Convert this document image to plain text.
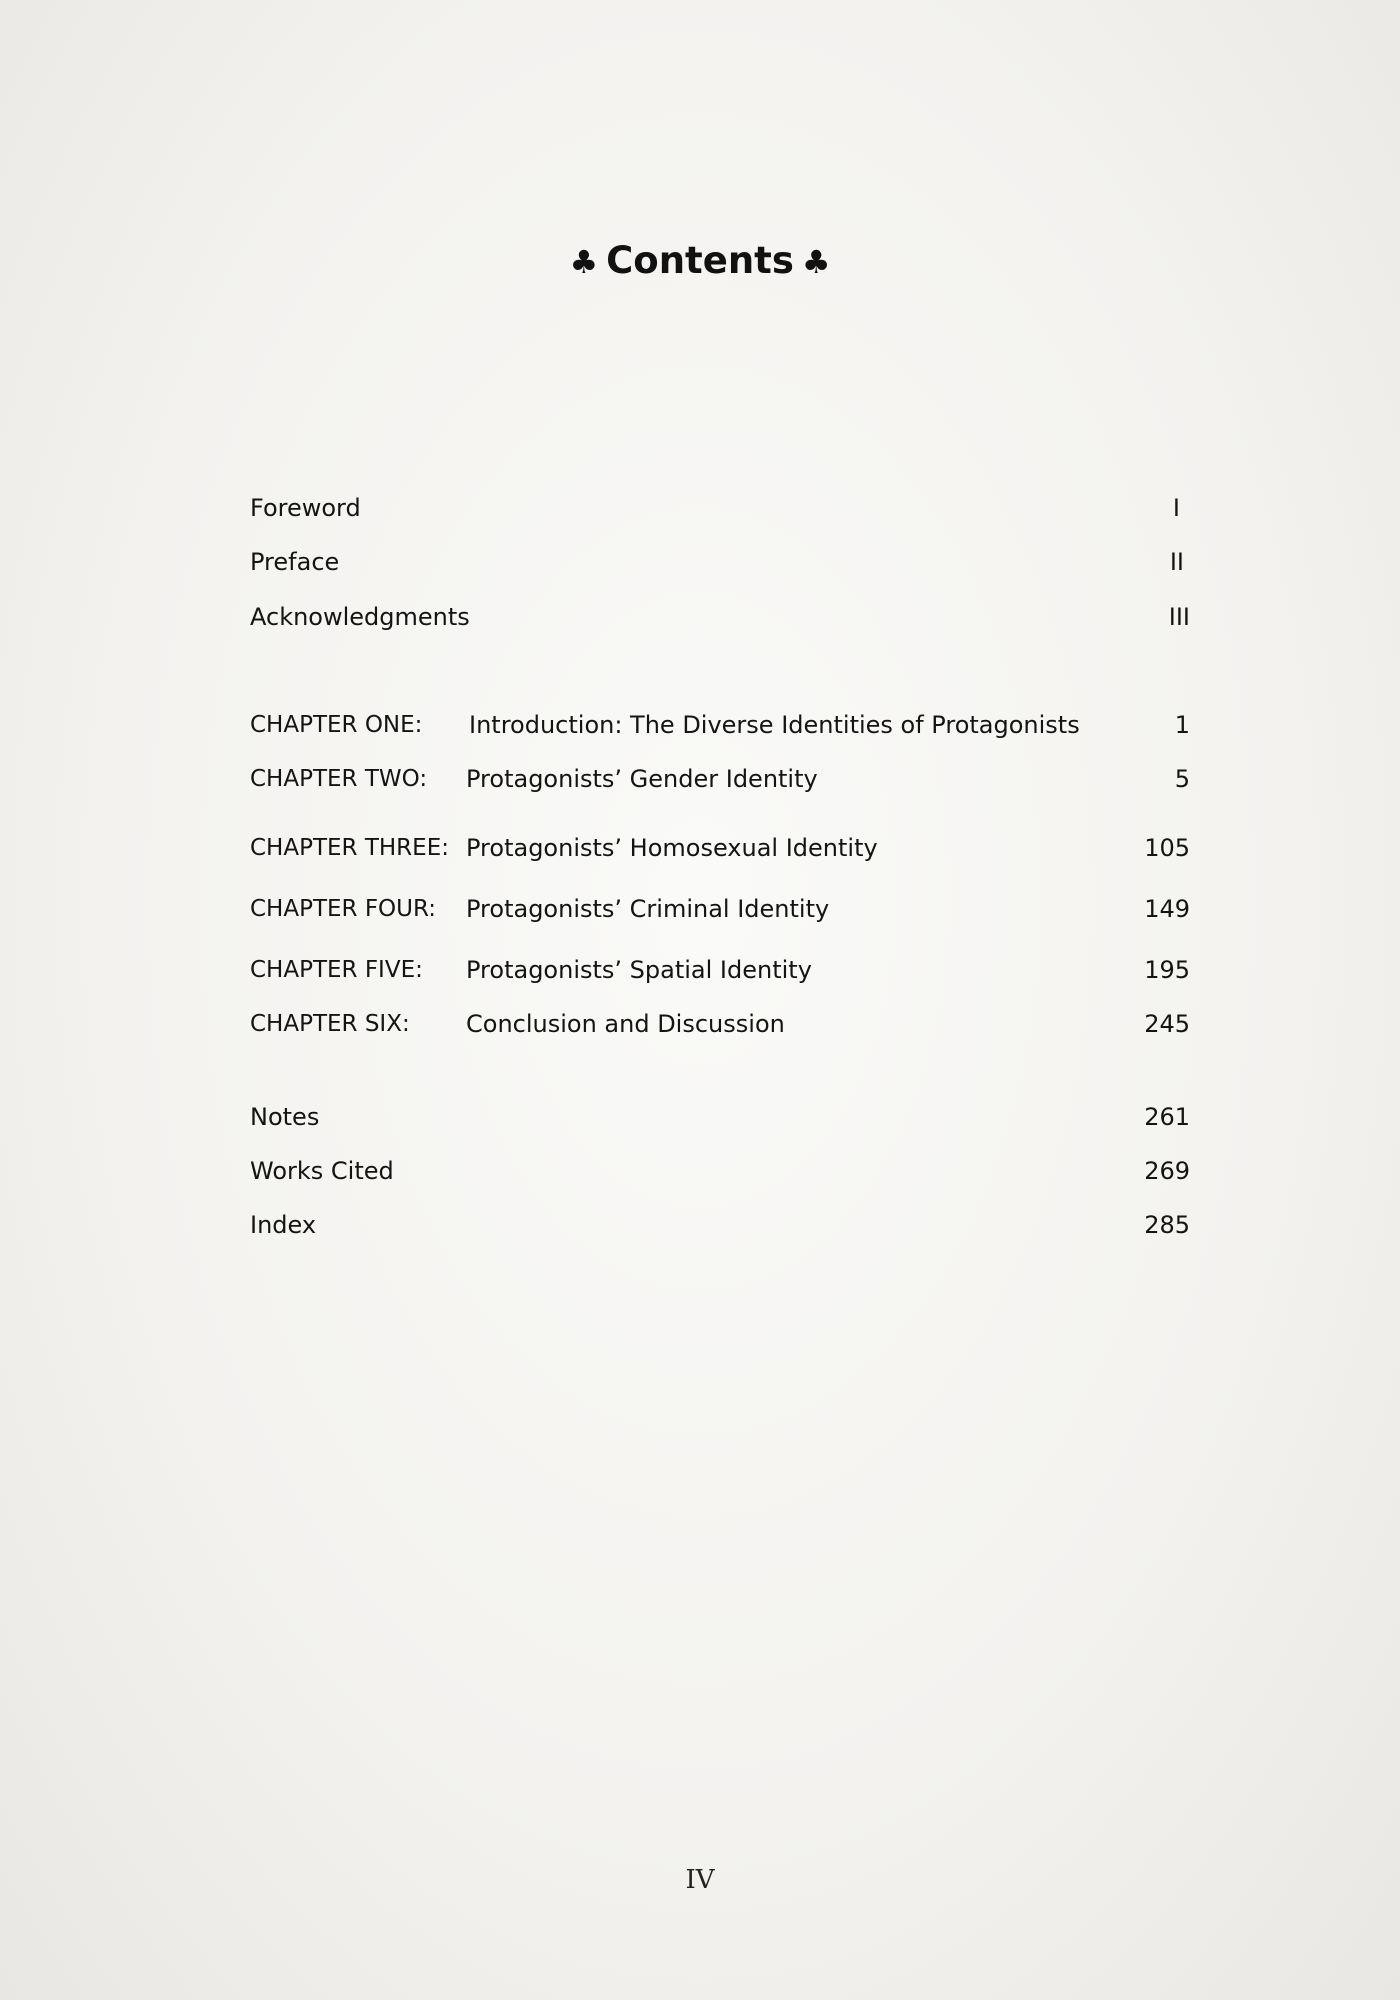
♣ Contents ♣
Foreword	I
Preface	II
Acknowledgments	III
CHAPTER ONE: Introduction: The Diverse Identities of Protagonists	1
CHAPTER TWO: Protagonists’ Gender Identity	5
CHAPTER THREE: Protagonists’ Homosexual Identity	105
CHAPTER FOUR: Protagonists’ Criminal Identity	149
CHAPTER FIVE: Protagonists’ Spatial Identity	195
CHAPTER SIX: Conclusion and Discussion	245
Notes	261
Works Cited	269
Index	285
IV
